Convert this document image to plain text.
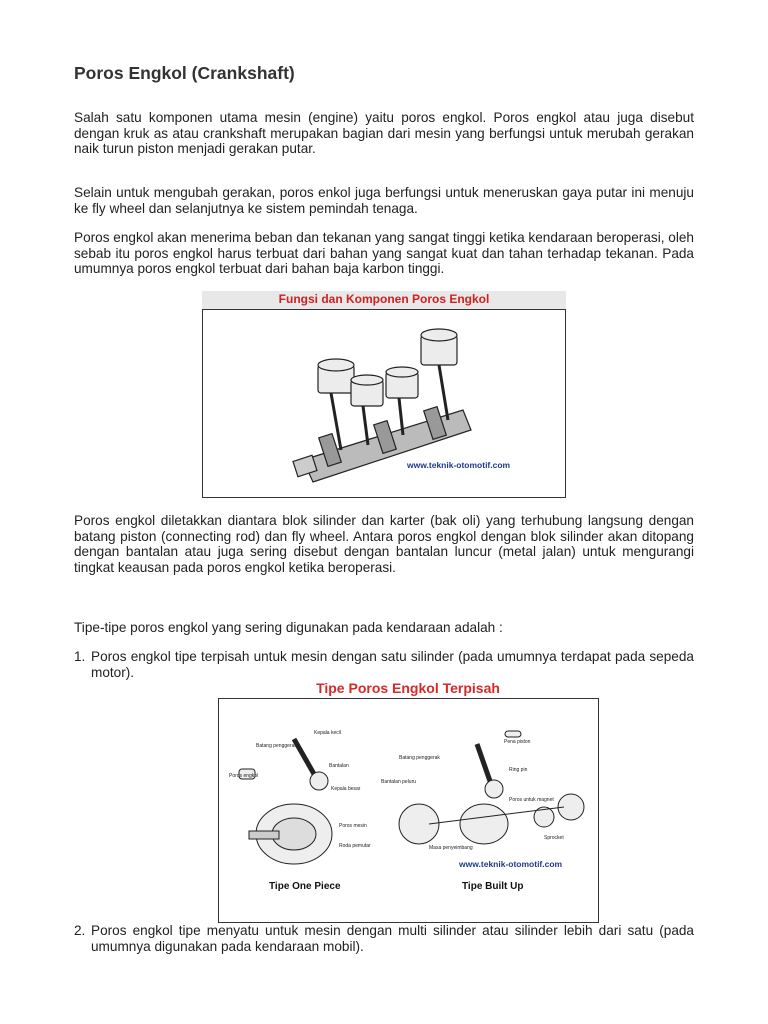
Poros Engkol (Crankshaft)
Salah satu komponen utama mesin (engine) yaitu poros engkol. Poros engkol atau juga disebut dengan kruk as atau crankshaft merupakan bagian dari mesin yang berfungsi untuk merubah gerakan naik turun piston menjadi gerakan putar.
Selain untuk mengubah gerakan, poros enkol juga berfungsi untuk meneruskan gaya putar ini menuju ke fly wheel dan selanjutnya ke sistem pemindah tenaga.
Poros engkol akan menerima beban dan tekanan yang sangat tinggi ketika kendaraan beroperasi, oleh sebab itu poros engkol harus terbuat dari bahan yang sangat kuat dan tahan terhadap tekanan. Pada umumnya poros engkol terbuat dari bahan baja karbon tinggi.
Fungsi dan Komponen Poros Engkol
www.teknik-otomotif.com
Poros engkol diletakkan diantara blok silinder dan karter (bak oli) yang terhubung langsung dengan batang piston (connecting rod) dan fly wheel. Antara poros engkol dengan blok silinder akan ditopang dengan bantalan atau juga sering disebut dengan bantalan luncur (metal jalan) untuk mengurangi tingkat keausan pada poros engkol ketika beroperasi.
Tipe-tipe poros engkol yang sering digunakan pada kendaraan adalah :
1. Poros engkol tipe terpisah untuk mesin dengan satu silinder (pada umumnya terdapat pada sepeda motor).
Tipe Poros Engkol Terpisah
Kepala kecil
Batang penggerak
Bantalan
Poros engkol
Kepala besar
Poros mesin
Roda pemutar
Pena piston
Batang penggerak
Ring pin
Bantalan peluru
Poros untuk magnet
Sprocket
Masa penyeimbang
www.teknik-otomotif.com
Tipe One Piece	Tipe Built Up
2. Poros engkol tipe menyatu untuk mesin dengan multi silinder atau silinder lebih dari satu (pada umumnya digunakan pada kendaraan mobil).
